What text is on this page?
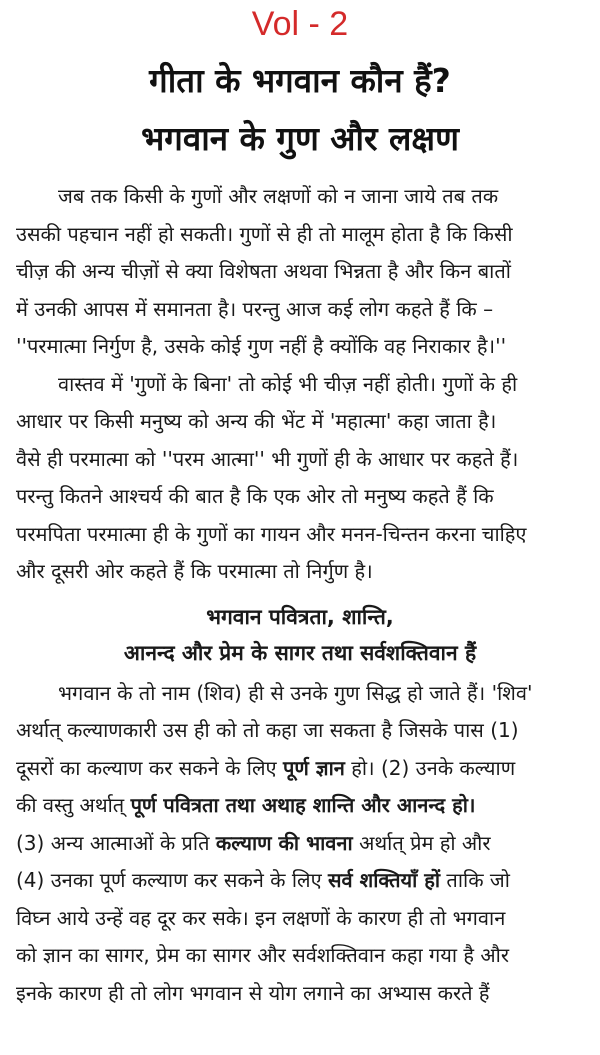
Vol - 2
गीता के भगवान कौन हैं?
भगवान के गुण और लक्षण
जब तक किसी के गुणों और लक्षणों को न जाना जाये तब तक
उसकी पहचान नहीं हो सकती। गुणों से ही तो मालूम होता है कि किसी
चीज़ की अन्य चीज़ों से क्या विशेषता अथवा भिन्नता है और किन बातों
में उनकी आपस में समानता है। परन्तु आज कई लोग कहते हैं कि –
''परमात्मा निर्गुण है, उसके कोई गुण नहीं है क्योंकि वह निराकार है।''
वास्तव में 'गुणों के बिना' तो कोई भी चीज़ नहीं होती। गुणों के ही
आधार पर किसी मनुष्य को अन्य की भेंट में 'महात्मा' कहा जाता है।
वैसे ही परमात्मा को ''परम आत्मा'' भी गुणों ही के आधार पर कहते हैं।
परन्तु कितने आश्चर्य की बात है कि एक ओर तो मनुष्य कहते हैं कि
परमपिता परमात्मा ही के गुणों का गायन और मनन-चिन्तन करना चाहिए
और दूसरी ओर कहते हैं कि परमात्मा तो निर्गुण है।
भगवान पवित्रता, शान्ति,
आनन्द और प्रेम के सागर तथा सर्वशक्तिवान हैं
भगवान के तो नाम (शिव) ही से उनके गुण सिद्ध हो जाते हैं। 'शिव'
अर्थात् कल्याणकारी उस ही को तो कहा जा सकता है जिसके पास (1)
दूसरों का कल्याण कर सकने के लिए पूर्ण ज्ञान हो। (2) उनके कल्याण
की वस्तु अर्थात् पूर्ण पवित्रता तथा अथाह शान्ति और आनन्द हो।
(3) अन्य आत्माओं के प्रति कल्याण की भावना अर्थात् प्रेम हो और
(4) उनका पूर्ण कल्याण कर सकने के लिए सर्व शक्तियाँ हों ताकि जो
विघ्न आये उन्हें वह दूर कर सके। इन लक्षणों के कारण ही तो भगवान
को ज्ञान का सागर, प्रेम का सागर और सर्वशक्तिवान कहा गया है और
इनके कारण ही तो लोग भगवान से योग लगाने का अभ्यास करते हैं
